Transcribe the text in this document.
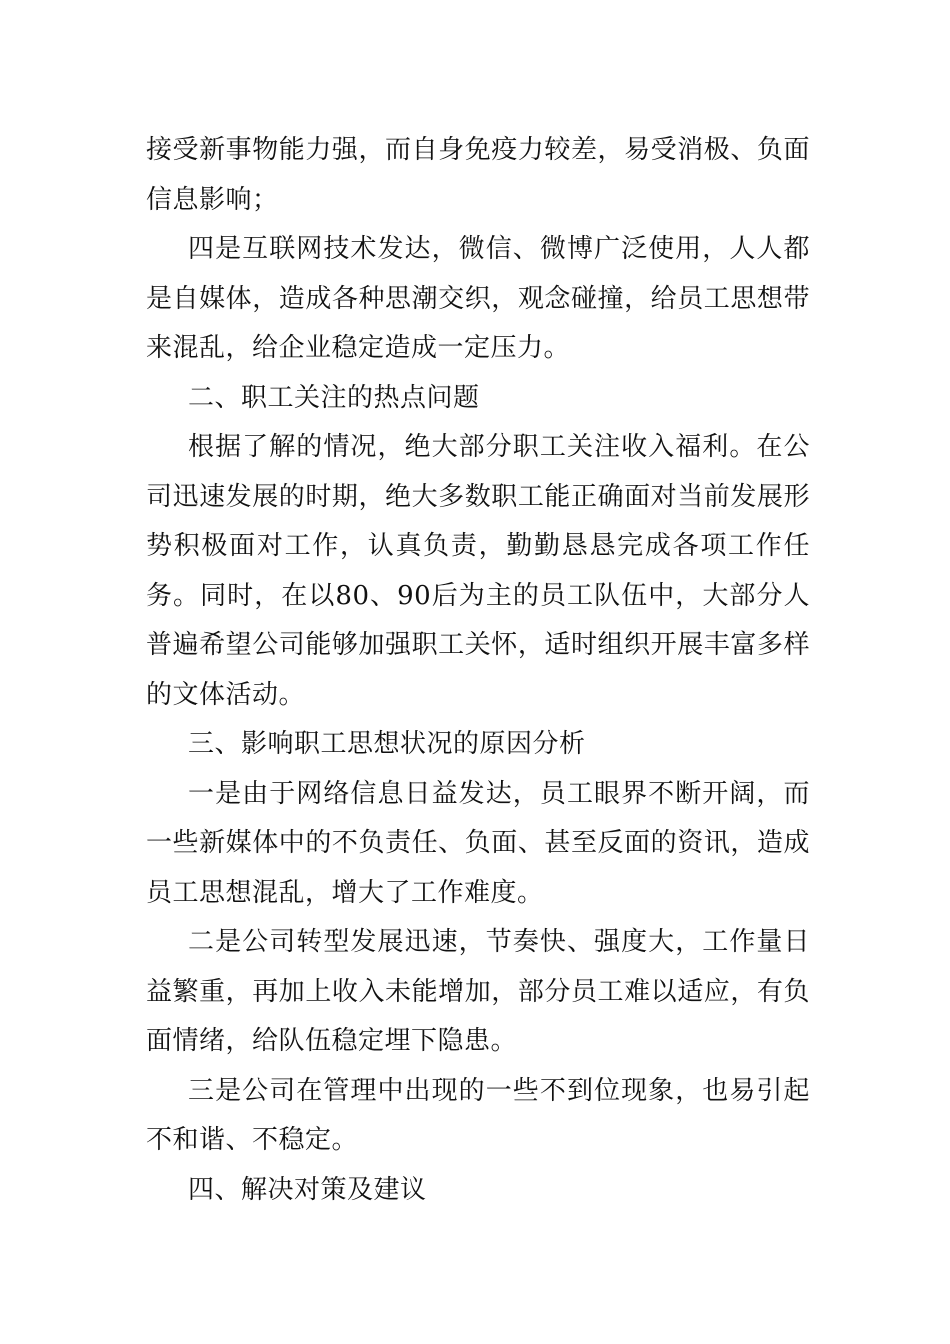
接受新事物能力强，而自身免疫力较差，易受消极、负面信息影响；

四是互联网技术发达，微信、微博广泛使用，人人都是自媒体，造成各种思潮交织，观念碰撞，给员工思想带来混乱，给企业稳定造成一定压力。

二、职工关注的热点问题

根据了解的情况，绝大部分职工关注收入福利。在公司迅速发展的时期，绝大多数职工能正确面对当前发展形势积极面对工作，认真负责，勤勤恳恳完成各项工作任务。同时，在以80、90后为主的员工队伍中，大部分人普遍希望公司能够加强职工关怀，适时组织开展丰富多样的文体活动。

三、影响职工思想状况的原因分析

一是由于网络信息日益发达，员工眼界不断开阔，而一些新媒体中的不负责任、负面、甚至反面的资讯，造成员工思想混乱，增大了工作难度。

二是公司转型发展迅速，节奏快、强度大，工作量日益繁重，再加上收入未能增加，部分员工难以适应，有负面情绪，给队伍稳定埋下隐患。

三是公司在管理中出现的一些不到位现象，也易引起不和谐、不稳定。

四、解决对策及建议
